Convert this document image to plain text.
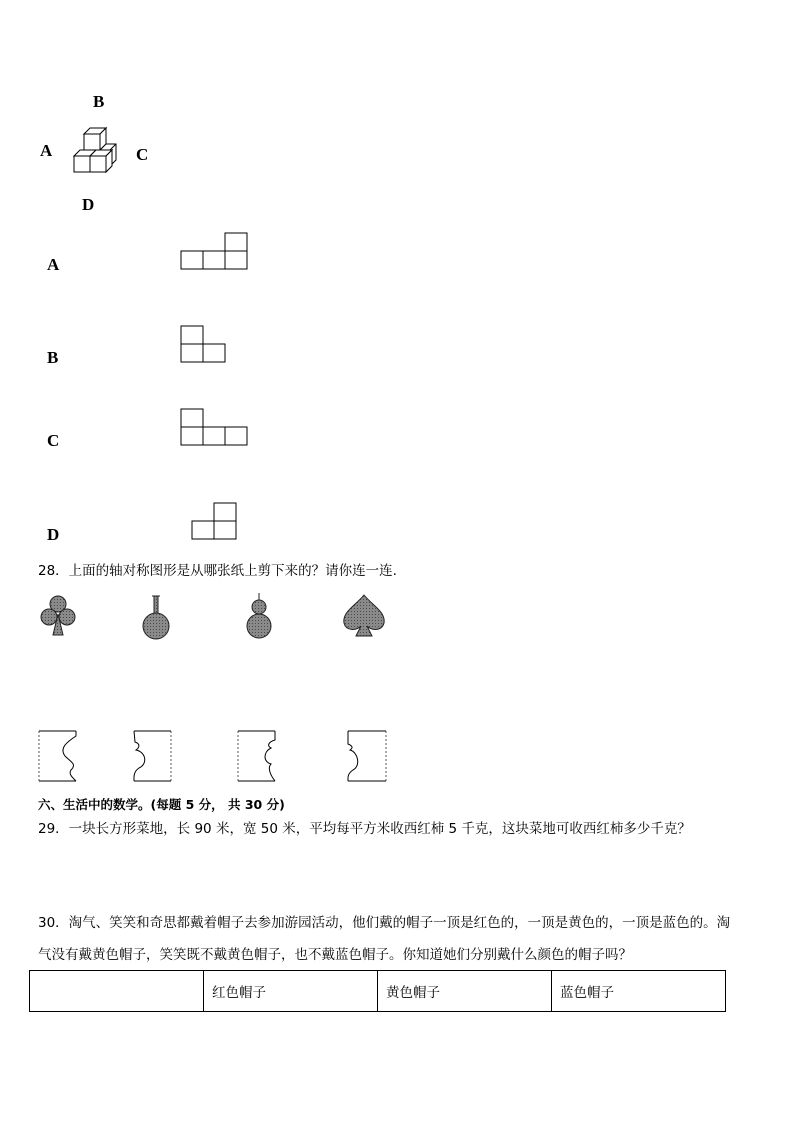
B
A	C
D
A
B
C
D
28．上面的轴对称图形是从哪张纸上剪下来的？请你连一连.
六、生活中的数学。(每题 5 分， 共 30 分)
29．一块长方形菜地，长 90 米，宽 50 米，平均每平方米收西红柿 5 千克，这块菜地可收西红柿多少千克？
30．淘气、笑笑和奇思都戴着帽子去参加游园活动，他们戴的帽子一顶是红色的，一顶是黄色的，一顶是蓝色的。淘
气没有戴黄色帽子，笑笑既不戴黄色帽子，也不戴蓝色帽子。你知道她们分别戴什么颜色的帽子吗？
	红色帽子	黄色帽子	蓝色帽子
